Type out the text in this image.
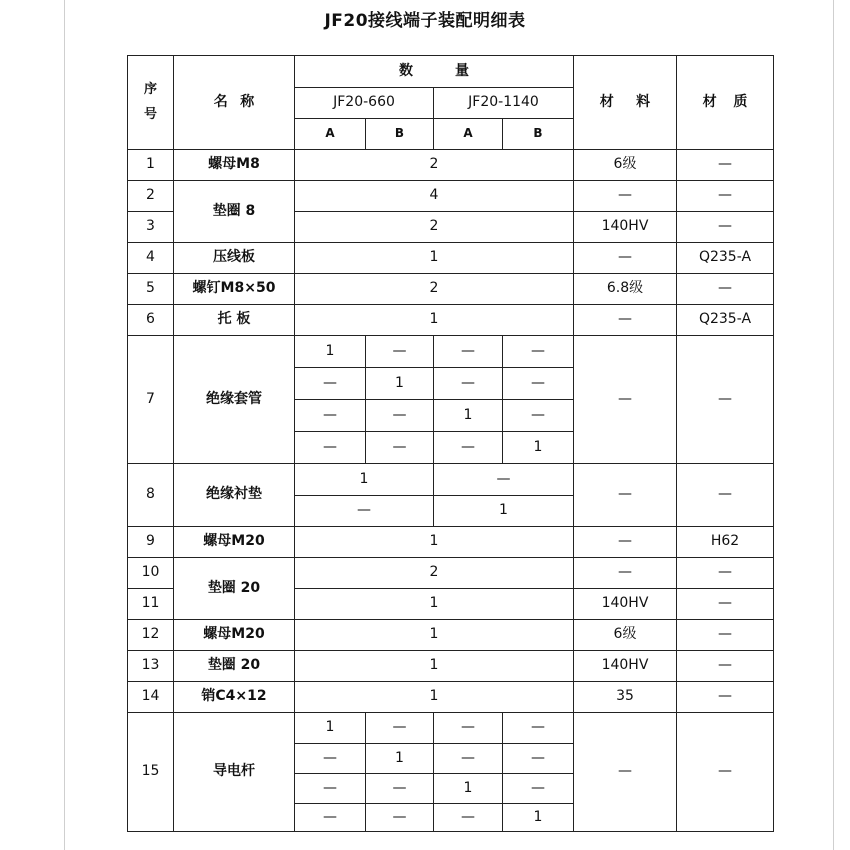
JF20接线端子装配明细表
序号	名称	数量				材料	材质
		JF20-660		JF20-1140			
		A	B	A	B		
1	螺母M8	2				6级	—
2	垫圈 8	4				—	—
3		2				140HV	—
4	压线板	1				—	Q235-A
5	螺钉M8×50	2				6.8级	—
6	托 板	1				—	Q235-A
7	绝缘套管	1	—	—	—	—	—
		—	1	—	—		
		—	—	1	—		
		—	—	—	1		
8	绝缘衬垫	1		—		—	—
		—		1			
9	螺母M20	1				—	H62
10	垫圈 20	2				—	—
11		1				140HV	—
12	螺母M20	1				6级	—
13	垫圈 20	1				140HV	—
14	销C4×12	1				35	—
15	导电杆	1	—	—	—	—	—
		—	1	—	—		
		—	—	1	—		
		—	—	—	1		
